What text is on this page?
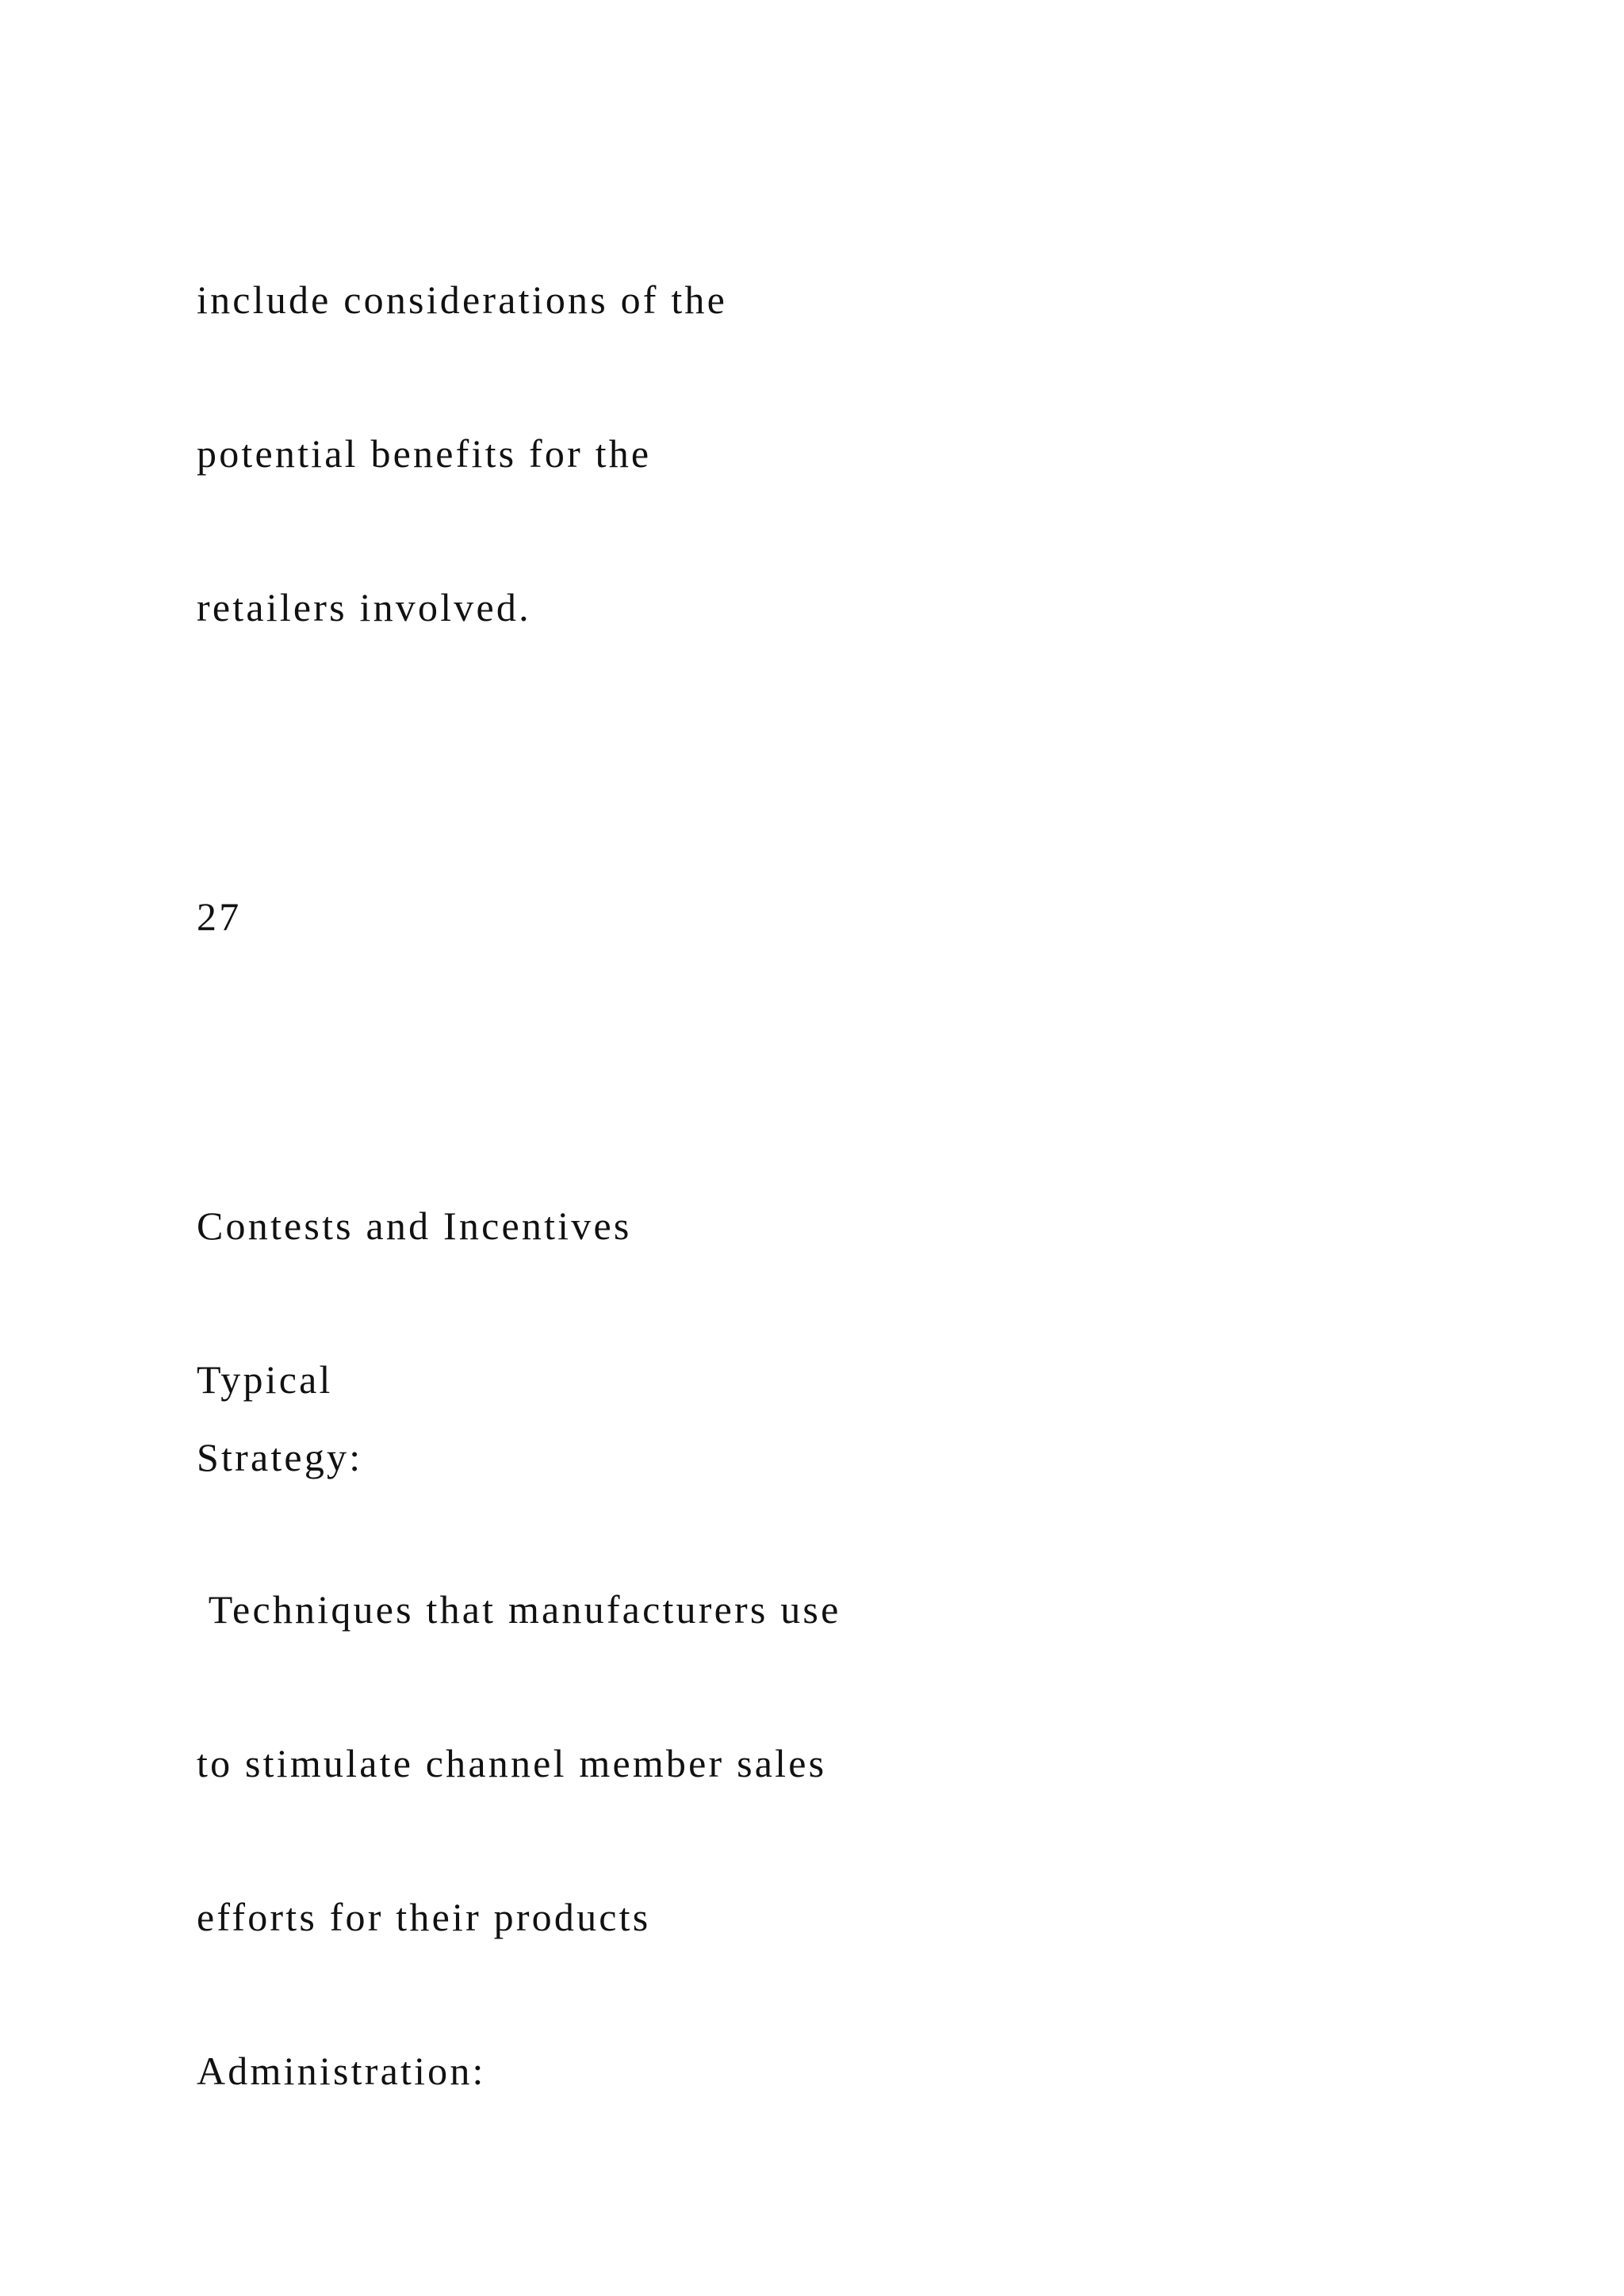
include considerations of the

potential benefits for the

retailers involved.

27

Contests and Incentives

Typical

Strategy:

Techniques that manufacturers use

to stimulate channel member sales

efforts for their products

Administration:
